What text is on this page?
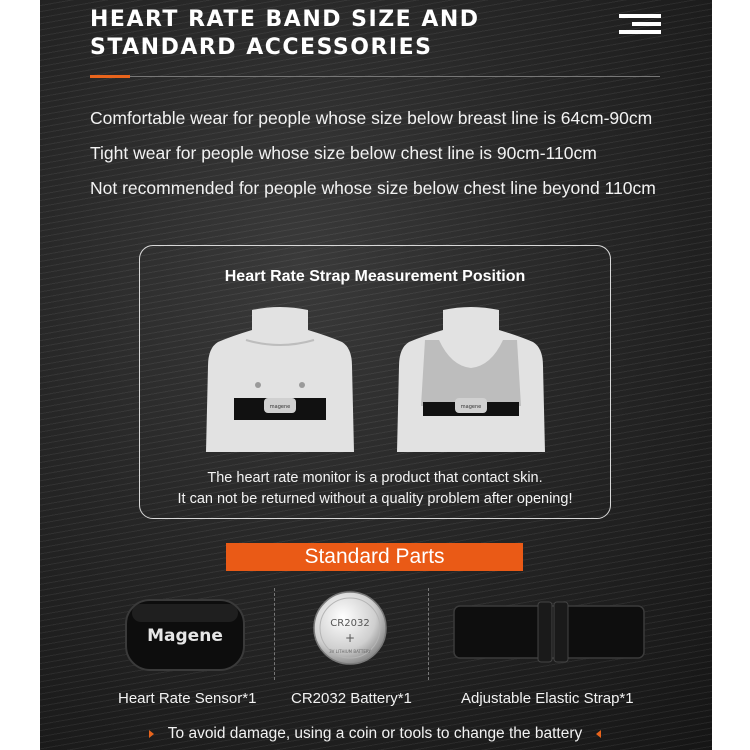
HEART RATE BAND SIZE AND
STANDARD ACCESSORIES
Comfortable wear for people whose size below breast line is 64cm-90cm
Tight wear for people whose size below chest line is 90cm-110cm
Not recommended for people whose size below chest line beyond 110cm
Heart Rate Strap Measurement Position
magene	magene
The heart rate monitor is a product that contact skin.
It can not be returned without a quality problem after opening!
Standard Parts
Magene
CR2032
+
3V LITHIUM BATTERY
Heart Rate Sensor*1 CR2032 Battery*1	Adjustable Elastic Strap*1
To avoid damage, using a coin or tools to change the battery
